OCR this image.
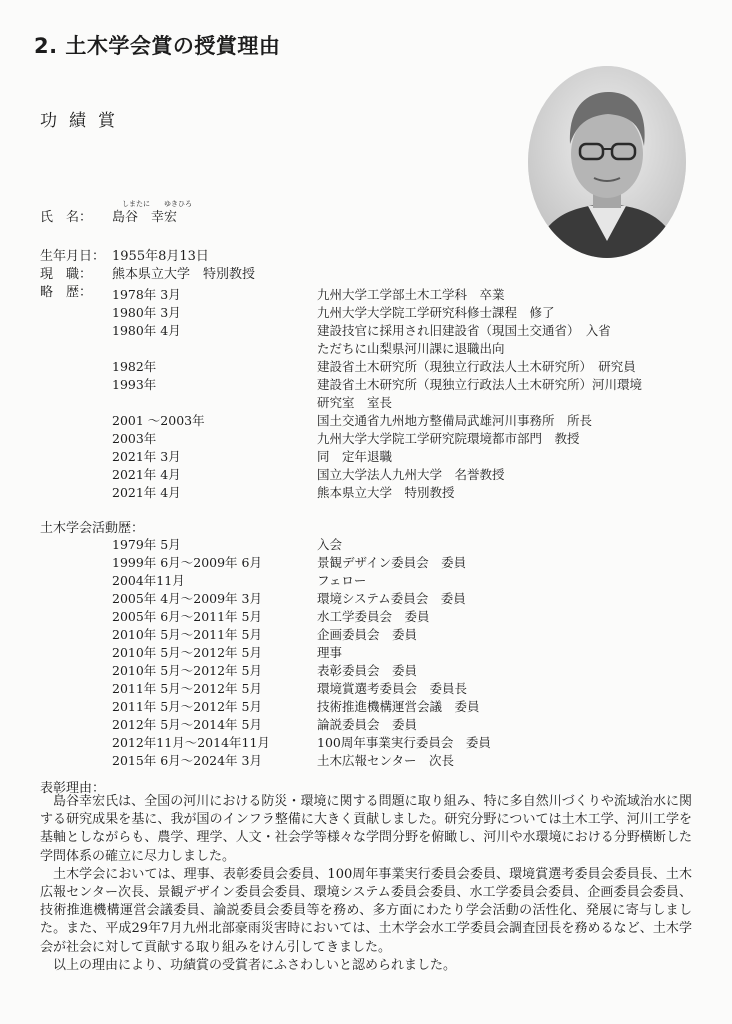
2. 土木学会賞の授賞理由
功績賞
しまたに　　ゆきひろ
氏　名： 島谷　幸宏
生年月日： 1955年8月13日
現　職： 熊本県立大学　特別教授
略　歴： 1978年 3月	九州大学工学部土木工学科　卒業
1980年 3月	九州大学大学院工学研究科修士課程　修了
1980年 4月	建設技官に採用され旧建設省（現国土交通省）　入省
ただちに山梨県河川課に退職出向
1982年	建設省土木研究所（現独立行政法人土木研究所）　研究員
1993年	建設省土木研究所（現独立行政法人土木研究所）河川環境
研究室　室長
2001 ～2003年	国土交通省九州地方整備局武雄河川事務所　所長
2003年	九州大学大学院工学研究院環境都市部門　教授
2021年 3月	同　定年退職
2021年 4月	国立大学法人九州大学　名誉教授
2021年 4月	熊本県立大学　特別教授
土木学会活動歴：
1979年 5月	入会
1999年 6月～2009年 6月	景観デザイン委員会　委員
2004年11月	フェロー
2005年 4月～2009年 3月	環境システム委員会　委員
2005年 6月～2011年 5月	水工学委員会　委員
2010年 5月～2011年 5月	企画委員会　委員
2010年 5月～2012年 5月	理事
2010年 5月～2012年 5月	表彰委員会　委員
2011年 5月～2012年 5月	環境賞選考委員会　委員長
2011年 5月～2012年 5月	技術推進機構運営会議　委員
2012年 5月～2014年 5月	論説委員会　委員
2012年11月～2014年11月	100周年事業実行委員会　委員
2015年 6月～2024年 3月	土木広報センター　次長
表彰理由：

島谷幸宏氏は、全国の河川における防災・環境に関する問題に取り組み、特に多自然川づくりや流域治水に関する研究成果を基に、我が国のインフラ整備に大きく貢献しました。研究分野については土木工学、河川工学を基軸としながらも、農学、理学、人文・社会学等様々な学問分野を俯瞰し、河川や水環境における分野横断した学問体系の確立に尽力しました。

土木学会においては、理事、表彰委員会委員、100周年事業実行委員会委員、環境賞選考委員会委員長、土木広報センター次長、景観デザイン委員会委員、環境システム委員会委員、水工学委員会委員、企画委員会委員、技術推進機構運営会議委員、論説委員会委員等を務め、多方面にわたり学会活動の活性化、発展に寄与しました。また、平成29年7月九州北部豪雨災害時においては、土木学会水工学委員会調査団長を務めるなど、土木学会が社会に対して貢献する取り組みをけん引してきました。

以上の理由により、功績賞の受賞者にふさわしいと認められました。
